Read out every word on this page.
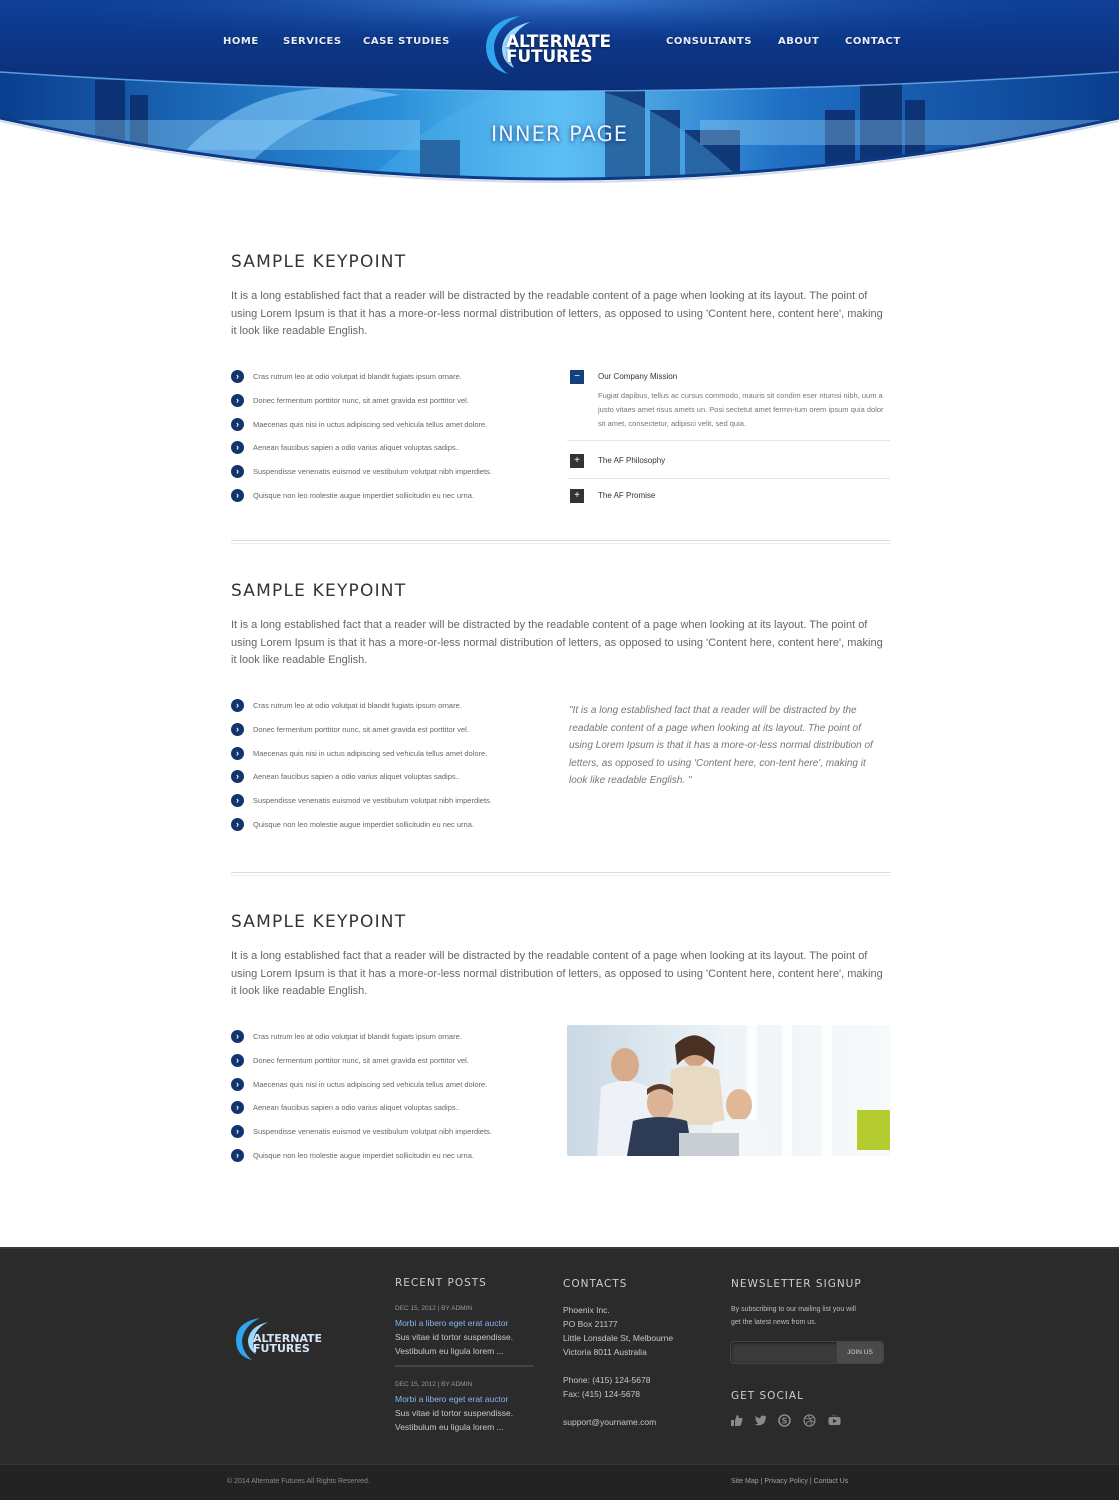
HOME SERVICES CASE STUDIES	CONSULTANTS	ABOUT	CONTACT
ALTERNATE
FUTURES
INNER PAGE
SAMPLE KEYPOINT

It is a long established fact that a reader will be distracted by the readable content of a page when looking at its layout. The point of using Lorem Ipsum is that it has a more-or-less normal distribution of letters, as opposed to using 'Content here, content here', making it look like readable English.

›	Cras rutrum leo at odio volutpat id blandit fugiats ipsum ornare.
›	Donec fermentum porttitor nunc, sit amet gravida est porttitor vel.
›	Maecenas quis nisi in uctus adipiscing sed vehicula tellus amet dolore.
›	Aenean faucibus sapien a odio varius aliquet voluptas sadips..
›	Suspendisse venenatis euismod ve vestibulum volutpat nibh imperdiets.
›	Quisque non leo molestie augue imperdiet sollicitudin eu nec urna.
−	Our Company Mission
Fugiat dapibus, tellus ac cursus commodo, mauris sit condim eser ntumsi nibh, uum a justo vitaes amet risus amets un. Posi sectetut amet fermn-tum orem ipsum quia dolor sit amet, consectetur, adipisci velit, sed quia.
+	The AF Philosophy
+	The AF Promise
SAMPLE KEYPOINT

It is a long established fact that a reader will be distracted by the readable content of a page when looking at its layout. The point of using Lorem Ipsum is that it has a more-or-less normal distribution of letters, as opposed to using 'Content here, content here', making it look like readable English.

›	Cras rutrum leo at odio volutpat id blandit fugiats ipsum ornare.
›	Donec fermentum porttitor nunc, sit amet gravida est porttitor vel.
›	Maecenas quis nisi in uctus adipiscing sed vehicula tellus amet dolore.
›	Aenean faucibus sapien a odio varius aliquet voluptas sadips..
›	Suspendisse venenatis euismod ve vestibulum volutpat nibh imperdiets.
›	Quisque non leo molestie augue imperdiet sollicitudin eu nec urna.

"It is a long established fact that a reader will be distracted by the readable content of a page when looking at its layout. The point of using Lorem Ipsum is that it has a more-or-less normal distribution of letters, as opposed to using 'Content here, con-tent here', making it look like readable English. "

SAMPLE KEYPOINT

It is a long established fact that a reader will be distracted by the readable content of a page when looking at its layout. The point of using Lorem Ipsum is that it has a more-or-less normal distribution of letters, as opposed to using 'Content here, content here', making it look like readable English.

›	Cras rutrum leo at odio volutpat id blandit fugiats ipsum ornare.
›	Donec fermentum porttitor nunc, sit amet gravida est porttitor vel.
›	Maecenas quis nisi in uctus adipiscing sed vehicula tellus amet dolore.
›	Aenean faucibus sapien a odio varius aliquet voluptas sadips..
›	Suspendisse venenatis euismod ve vestibulum volutpat nibh imperdiets.
›	Quisque non leo molestie augue imperdiet sollicitudin eu nec urna.
ALTERNATE
FUTURES
RECENT POSTS
DEC 15, 2012 | BY ADMIN
Morbi a libero eget erat auctor
Sus vitae id tortor suspendisse.
Vestibulum eu ligula lorem ...
DEC 15, 2012 | BY ADMIN
Morbi a libero eget erat auctor
Sus vitae id tortor suspendisse.
Vestibulum eu ligula lorem ...
CONTACTS
Phoenix Inc.
PO Box 21177
Little Lonsdale St, Melbourne
Victoria 8011 Australia
Phone: (415) 124-5678
Fax: (415) 124-5678
support@yourname.com
NEWSLETTER SIGNUP
By subscribing to our mailing list you will
get the latest news from us.
JOIN US
GET SOCIAL
S
You
© 2014 Alternate Futures All Rights Reserved.	Site Map | Privacy Policy | Contact Us
